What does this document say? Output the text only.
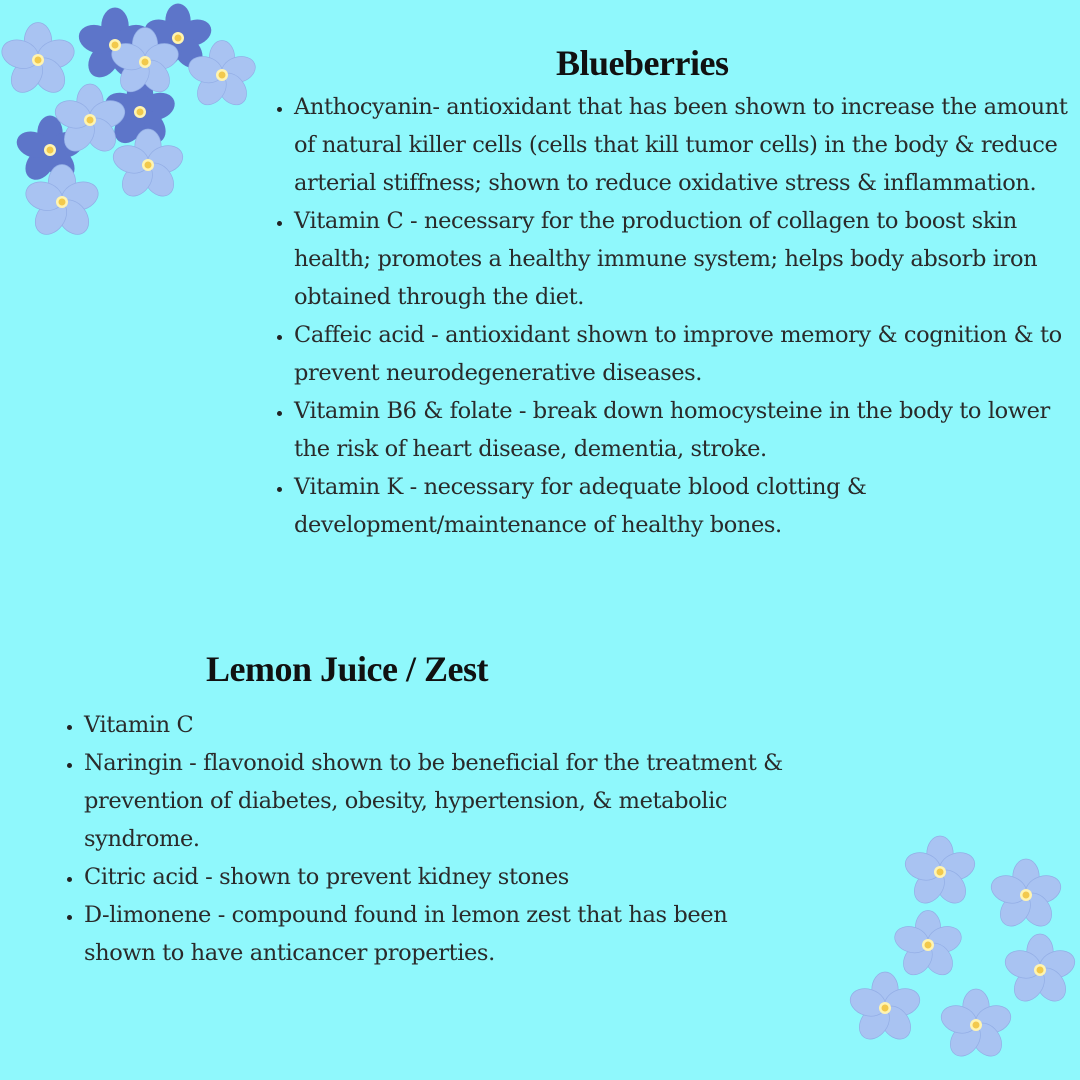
Blueberries
• Anthocyanin- antioxidant that has been shown to increase the amount of natural killer cells (cells that kill tumor cells) in the body & reduce arterial stiffness; shown to reduce oxidative stress & inflammation.
• Vitamin C - necessary for the production of collagen to boost skin health; promotes a healthy immune system; helps body absorb iron obtained through the diet.
• Caffeic acid - antioxidant shown to improve memory & cognition & to prevent neurodegenerative diseases.
• Vitamin B6 & folate - break down homocysteine in the body to lower the risk of heart disease, dementia, stroke.
• Vitamin K - necessary for adequate blood clotting & development/maintenance of healthy bones.
Lemon Juice / Zest
• Vitamin C
• Naringin - flavonoid shown to be beneficial for the treatment & prevention of diabetes, obesity, hypertension, & metabolic syndrome.
• Citric acid - shown to prevent kidney stones
• D-limonene - compound found in lemon zest that has been shown to have anticancer properties.
